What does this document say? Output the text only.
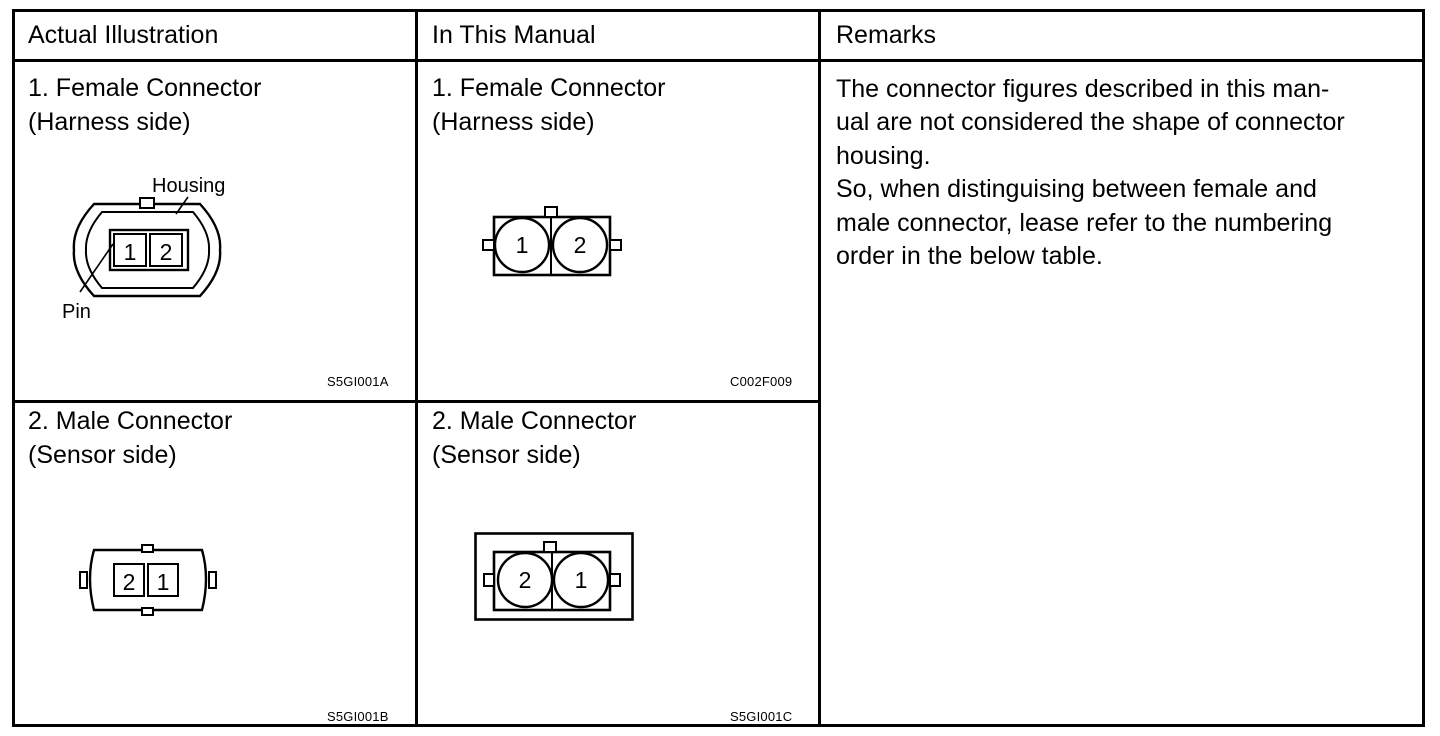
Actual Illustration	In This Manual	Remarks
1. Female Connector
(Harness side)
1 2
Housing
Pin
S5GI001A
1. Female Connector
(Harness side)
1 2
C002F009
2. Male Connector
(Sensor side)
2 1
S5GI001B
2. Male Connector
(Sensor side)
2 1
S5GI001C
The connector figures described in this man-
ual are not considered the shape of connector
housing.
So, when distinguising between female and
male connector, lease refer to the numbering
order in the below table.
